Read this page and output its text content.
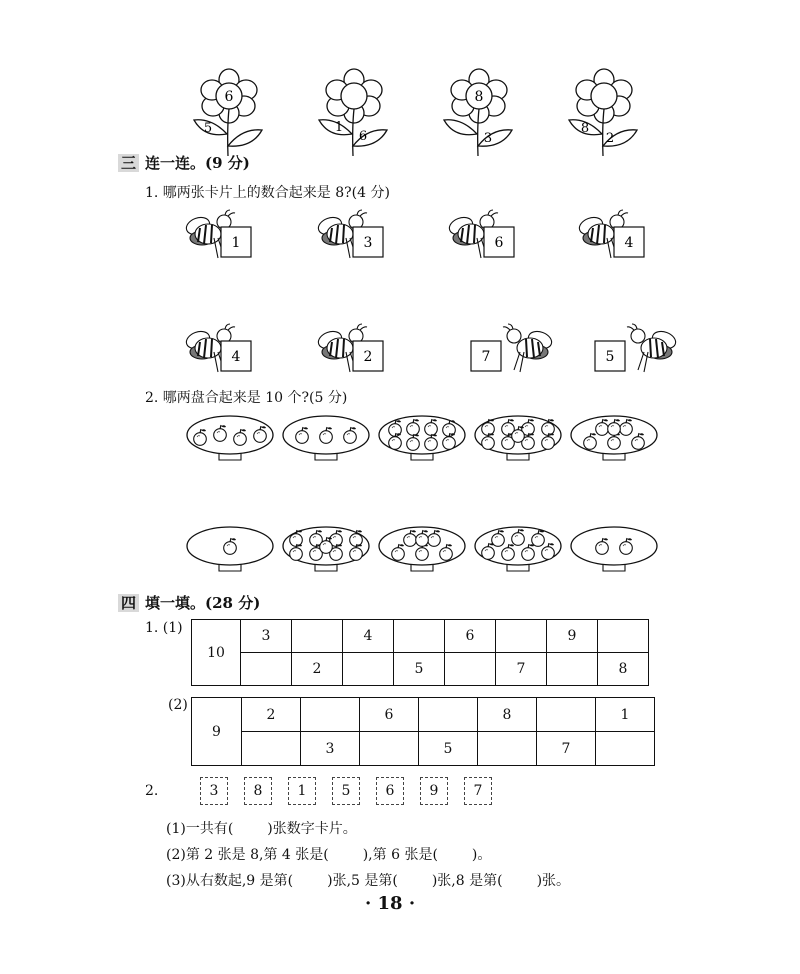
6
5	1
6
8
3
8
2
三 连一连。(9 分)
1. 哪两张卡片上的数合起来是 8?(4 分)
1	3	6	4
4	2	7	5
2. 哪两盘合起来是 10 个?(5 分)
四 填一填。(28 分)
1. (1)
10	3		4		6		9	
		2		5		7		8
(2)
9	2		6		8		1
		3		5		7	
2.	3	8	1	5	6	9	7
(1)一共有( )张数字卡片。
(2)第 2 张是 8,第 4 张是( ),第 6 张是( )。
(3)从右数起,9 是第( )张,5 是第( )张,8 是第( )张。
· 18 ·
